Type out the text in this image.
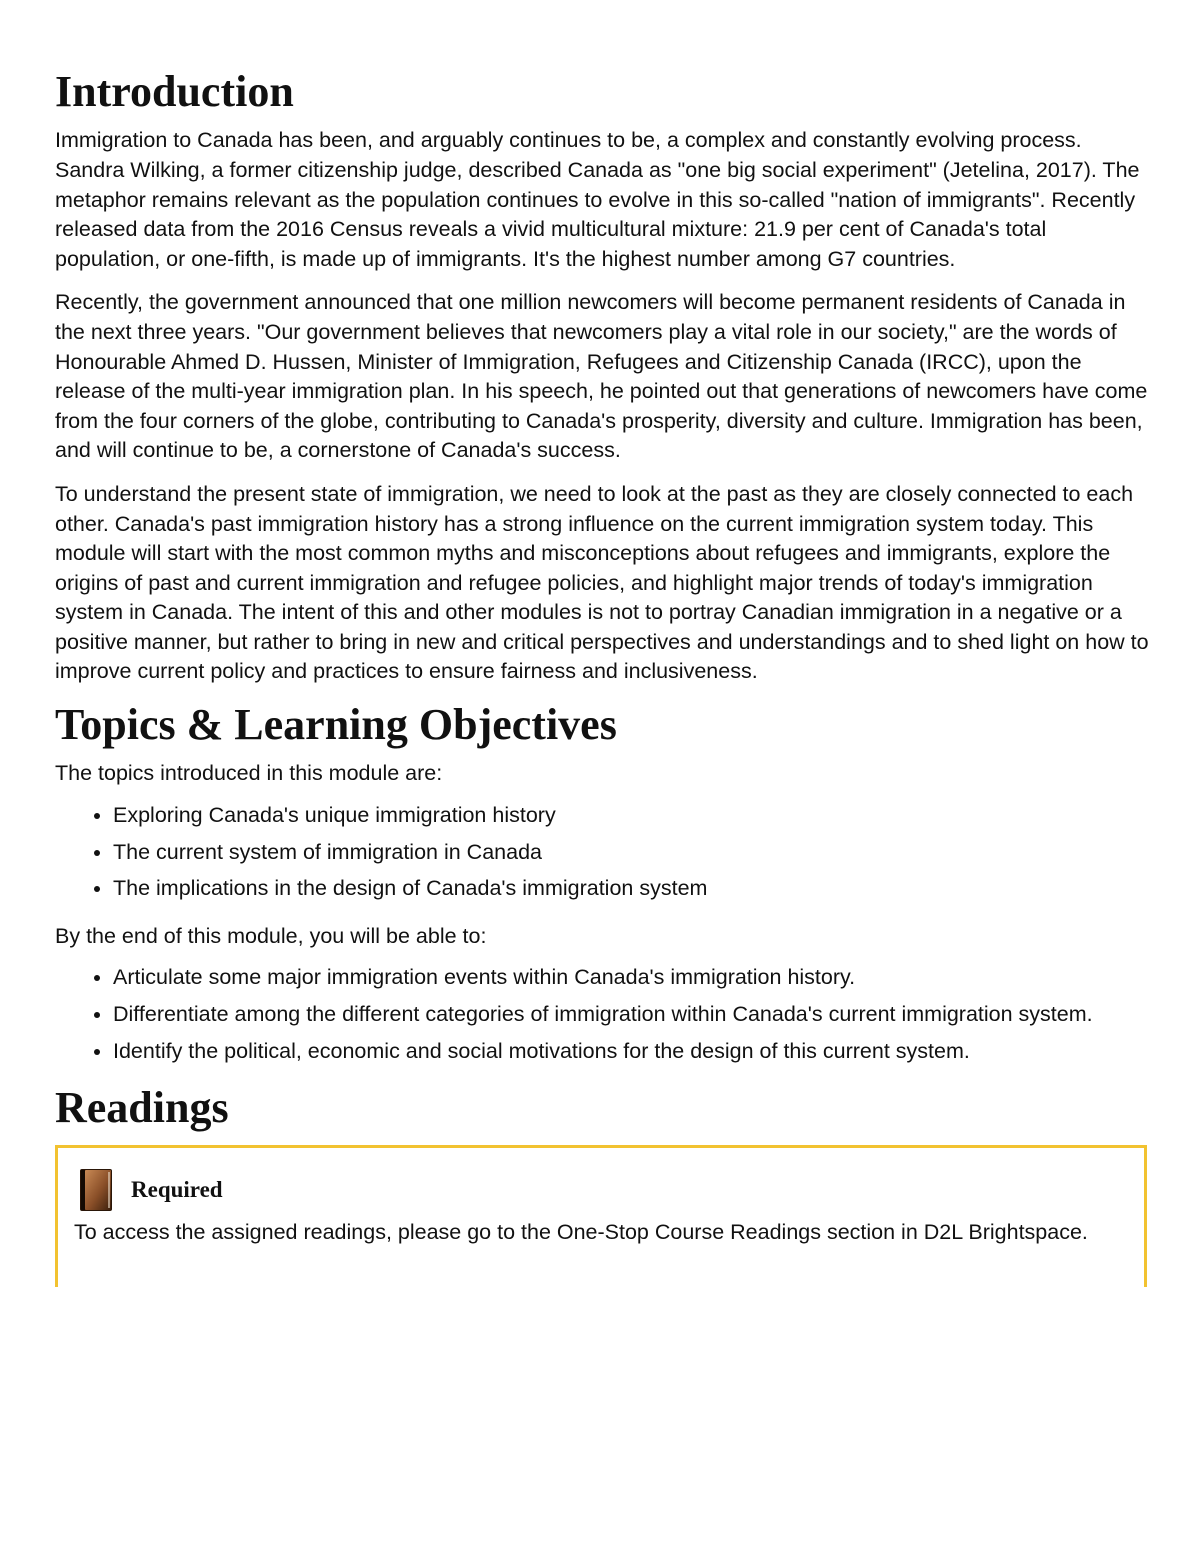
Introduction

Immigration to Canada has been, and arguably continues to be, a complex and constantly evolving process. Sandra Wilking, a former citizenship judge, described Canada as "one big social experiment" (Jetelina, 2017). The metaphor remains relevant as the population continues to evolve in this so-called "nation of immigrants". Recently released data from the 2016 Census reveals a vivid multicultural mixture: 21.9 per cent of Canada's total population, or one-fifth, is made up of immigrants. It's the highest number among G7 countries.

Recently, the government announced that one million newcomers will become permanent residents of Canada in the next three years. "Our government believes that newcomers play a vital role in our society," are the words of Honourable Ahmed D. Hussen, Minister of Immigration, Refugees and Citizenship Canada (IRCC), upon the release of the multi-year immigration plan. In his speech, he pointed out that generations of newcomers have come from the four corners of the globe, contributing to Canada's prosperity, diversity and culture. Immigration has been, and will continue to be, a cornerstone of Canada's success.

To understand the present state of immigration, we need to look at the past as they are closely connected to each other. Canada's past immigration history has a strong influence on the current immigration system today. This module will start with the most common myths and misconceptions about refugees and immigrants, explore the origins of past and current immigration and refugee policies, and highlight major trends of today's immigration system in Canada. The intent of this and other modules is not to portray Canadian immigration in a negative or a positive manner, but rather to bring in new and critical perspectives and understandings and to shed light on how to improve current policy and practices to ensure fairness and inclusiveness.

Topics & Learning Objectives

The topics introduced in this module are:

• Exploring Canada's unique immigration history
• The current system of immigration in Canada
• The implications in the design of Canada's immigration system

By the end of this module, you will be able to:

• Articulate some major immigration events within Canada's immigration history.
• Differentiate among the different categories of immigration within Canada's current immigration system.
• Identify the political, economic and social motivations for the design of this current system.
Readings
Required

To access the assigned readings, please go to the One-Stop Course Readings section in D2L Brightspace.
